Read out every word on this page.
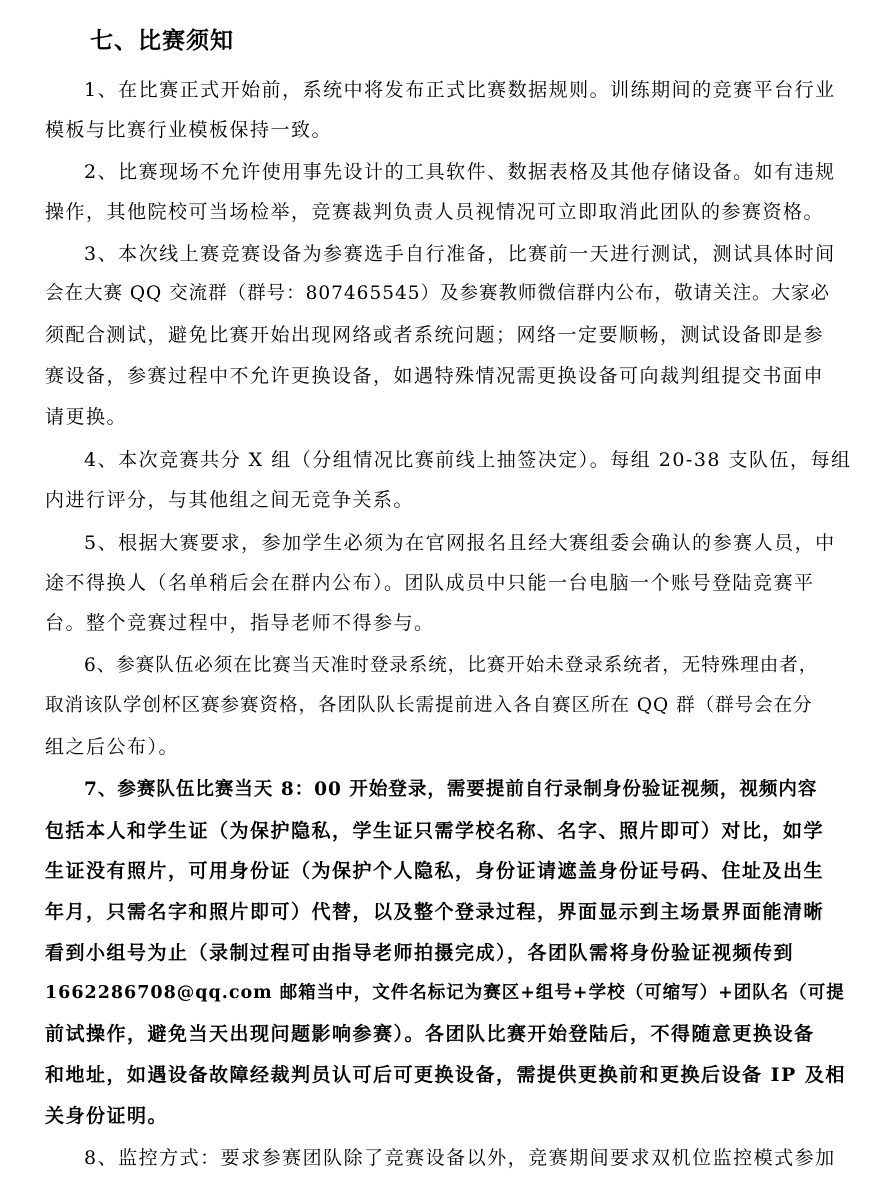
七、比赛须知
1、在比赛正式开始前，系统中将发布正式比赛数据规则。训练期间的竞赛平台行业
模板与比赛行业模板保持一致。
2、比赛现场不允许使用事先设计的工具软件、数据表格及其他存储设备。如有违规
操作，其他院校可当场检举，竞赛裁判负责人员视情况可立即取消此团队的参赛资格。
3、本次线上赛竞赛设备为参赛选手自行准备，比赛前一天进行测试，测试具体时间
会在大赛 QQ 交流群（群号：807465545）及参赛教师微信群内公布，敬请关注。大家必
须配合测试，避免比赛开始出现网络或者系统问题；网络一定要顺畅，测试设备即是参
赛设备，参赛过程中不允许更换设备，如遇特殊情况需更换设备可向裁判组提交书面申
请更换。
4、本次竞赛共分 X 组（分组情况比赛前线上抽签决定）。每组 20-38 支队伍，每组
内进行评分，与其他组之间无竞争关系。
5、根据大赛要求，参加学生必须为在官网报名且经大赛组委会确认的参赛人员，中
途不得换人（名单稍后会在群内公布）。团队成员中只能一台电脑一个账号登陆竞赛平
台。整个竞赛过程中，指导老师不得参与。
6、参赛队伍必须在比赛当天准时登录系统，比赛开始未登录系统者，无特殊理由者，
取消该队学创杯区赛参赛资格，各团队队长需提前进入各自赛区所在 QQ 群（群号会在分
组之后公布）。
7、参赛队伍比赛当天 8：00 开始登录，需要提前自行录制身份验证视频，视频内容
包括本人和学生证（为保护隐私，学生证只需学校名称、名字、照片即可）对比，如学
生证没有照片，可用身份证（为保护个人隐私，身份证请遮盖身份证号码、住址及出生
年月，只需名字和照片即可）代替，以及整个登录过程，界面显示到主场景界面能清晰
看到小组号为止（录制过程可由指导老师拍摄完成），各团队需将身份验证视频传到
1662286708@qq.com 邮箱当中，文件名标记为赛区+组号+学校（可缩写）+团队名（可提
前试操作，避免当天出现问题影响参赛）。各团队比赛开始登陆后，不得随意更换设备
和地址，如遇设备故障经裁判员认可后可更换设备，需提供更换前和更换后设备 IP 及相
关身份证明。
8、监控方式：要求参赛团队除了竞赛设备以外，竞赛期间要求双机位监控模式参加
